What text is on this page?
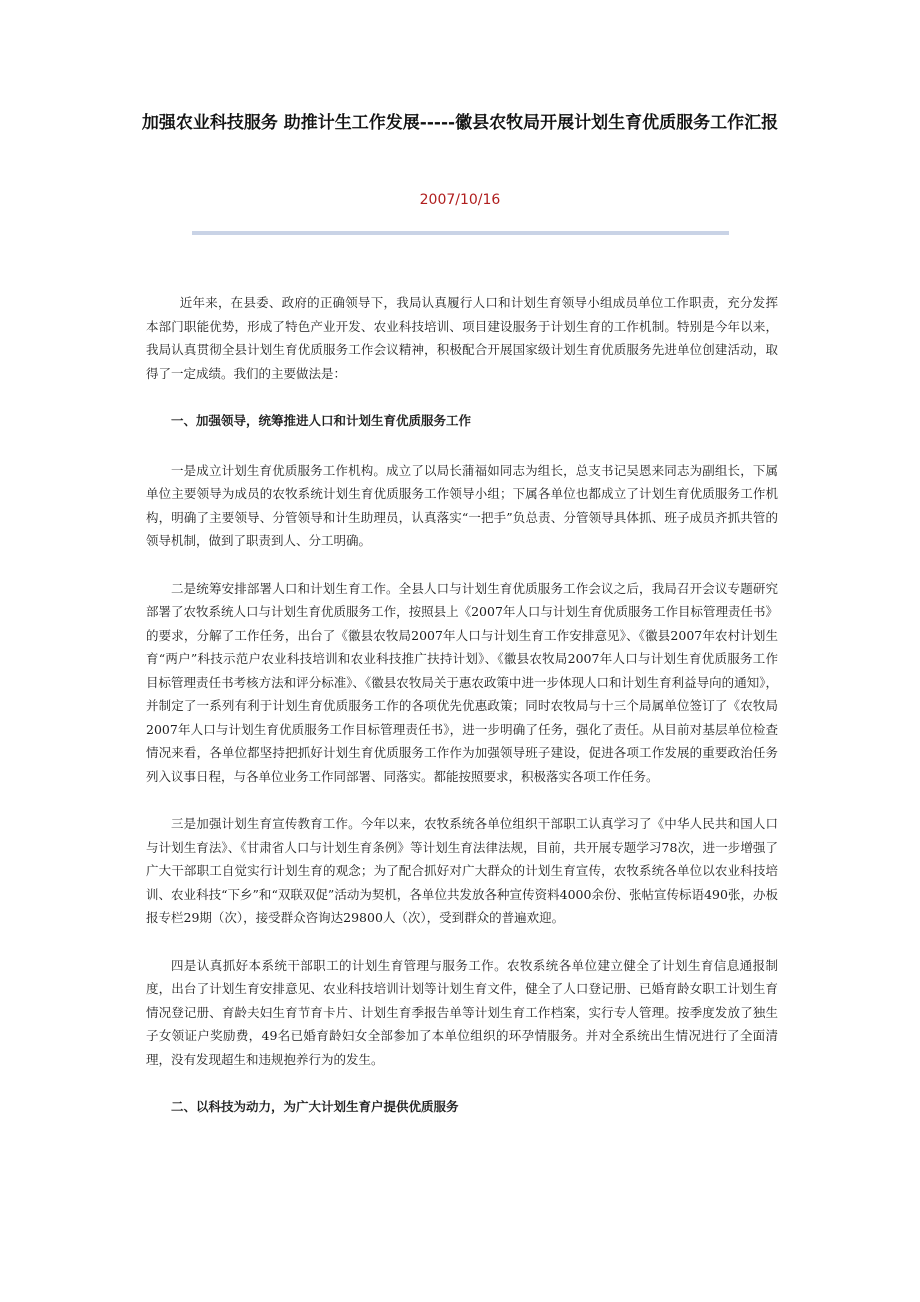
加强农业科技服务 助推计生工作发展-----徽县农牧局开展计划生育优质服务工作汇报
2007/10/16

近年来，在县委、政府的正确领导下，我局认真履行人口和计划生育领导小组成员单位工作职责，充分发挥本部门职能优势，形成了特色产业开发、农业科技培训、项目建设服务于计划生育的工作机制。特别是今年以来，我局认真贯彻全县计划生育优质服务工作会议精神，积极配合开展国家级计划生育优质服务先进单位创建活动，取得了一定成绩。我们的主要做法是：

一、加强领导，统筹推进人口和计划生育优质服务工作

一是成立计划生育优质服务工作机构。成立了以局长蒲福如同志为组长，总支书记吴恩来同志为副组长，下属单位主要领导为成员的农牧系统计划生育优质服务工作领导小组；下属各单位也都成立了计划生育优质服务工作机构，明确了主要领导、分管领导和计生助理员，认真落实“一把手”负总责、分管领导具体抓、班子成员齐抓共管的领导机制，做到了职责到人、分工明确。

二是统筹安排部署人口和计划生育工作。全县人口与计划生育优质服务工作会议之后，我局召开会议专题研究部署了农牧系统人口与计划生育优质服务工作，按照县上《2007年人口与计划生育优质服务工作目标管理责任书》的要求，分解了工作任务，出台了《徽县农牧局2007年人口与计划生育工作安排意见》、《徽县2007年农村计划生育“两户”科技示范户农业科技培训和农业科技推广扶持计划》、《徽县农牧局2007年人口与计划生育优质服务工作目标管理责任书考核方法和评分标准》、《徽县农牧局关于惠农政策中进一步体现人口和计划生育利益导向的通知》，并制定了一系列有利于计划生育优质服务工作的各项优先优惠政策；同时农牧局与十三个局属单位签订了《农牧局2007年人口与计划生育优质服务工作目标管理责任书》，进一步明确了任务，强化了责任。从目前对基层单位检查情况来看，各单位都坚持把抓好计划生育优质服务工作作为加强领导班子建设，促进各项工作发展的重要政治任务列入议事日程，与各单位业务工作同部署、同落实。都能按照要求，积极落实各项工作任务。

三是加强计划生育宣传教育工作。今年以来，农牧系统各单位组织干部职工认真学习了《中华人民共和国人口与计划生育法》、《甘肃省人口与计划生育条例》等计划生育法律法规，目前，共开展专题学习78次，进一步增强了广大干部职工自觉实行计划生育的观念；为了配合抓好对广大群众的计划生育宣传，农牧系统各单位以农业科技培训、农业科技“下乡”和“双联双促”活动为契机，各单位共发放各种宣传资料4000余份、张帖宣传标语490张，办板报专栏29期（次），接受群众咨询达29800人（次），受到群众的普遍欢迎。

四是认真抓好本系统干部职工的计划生育管理与服务工作。农牧系统各单位建立健全了计划生育信息通报制度，出台了计划生育安排意见、农业科技培训计划等计划生育文件，健全了人口登记册、已婚育龄女职工计划生育情况登记册、育龄夫妇生育节育卡片、计划生育季报告单等计划生育工作档案，实行专人管理。按季度发放了独生子女领证户奖励费，49名已婚育龄妇女全部参加了本单位组织的环孕情服务。并对全系统出生情况进行了全面清理，没有发现超生和违规抱养行为的发生。

二、以科技为动力，为广大计划生育户提供优质服务
